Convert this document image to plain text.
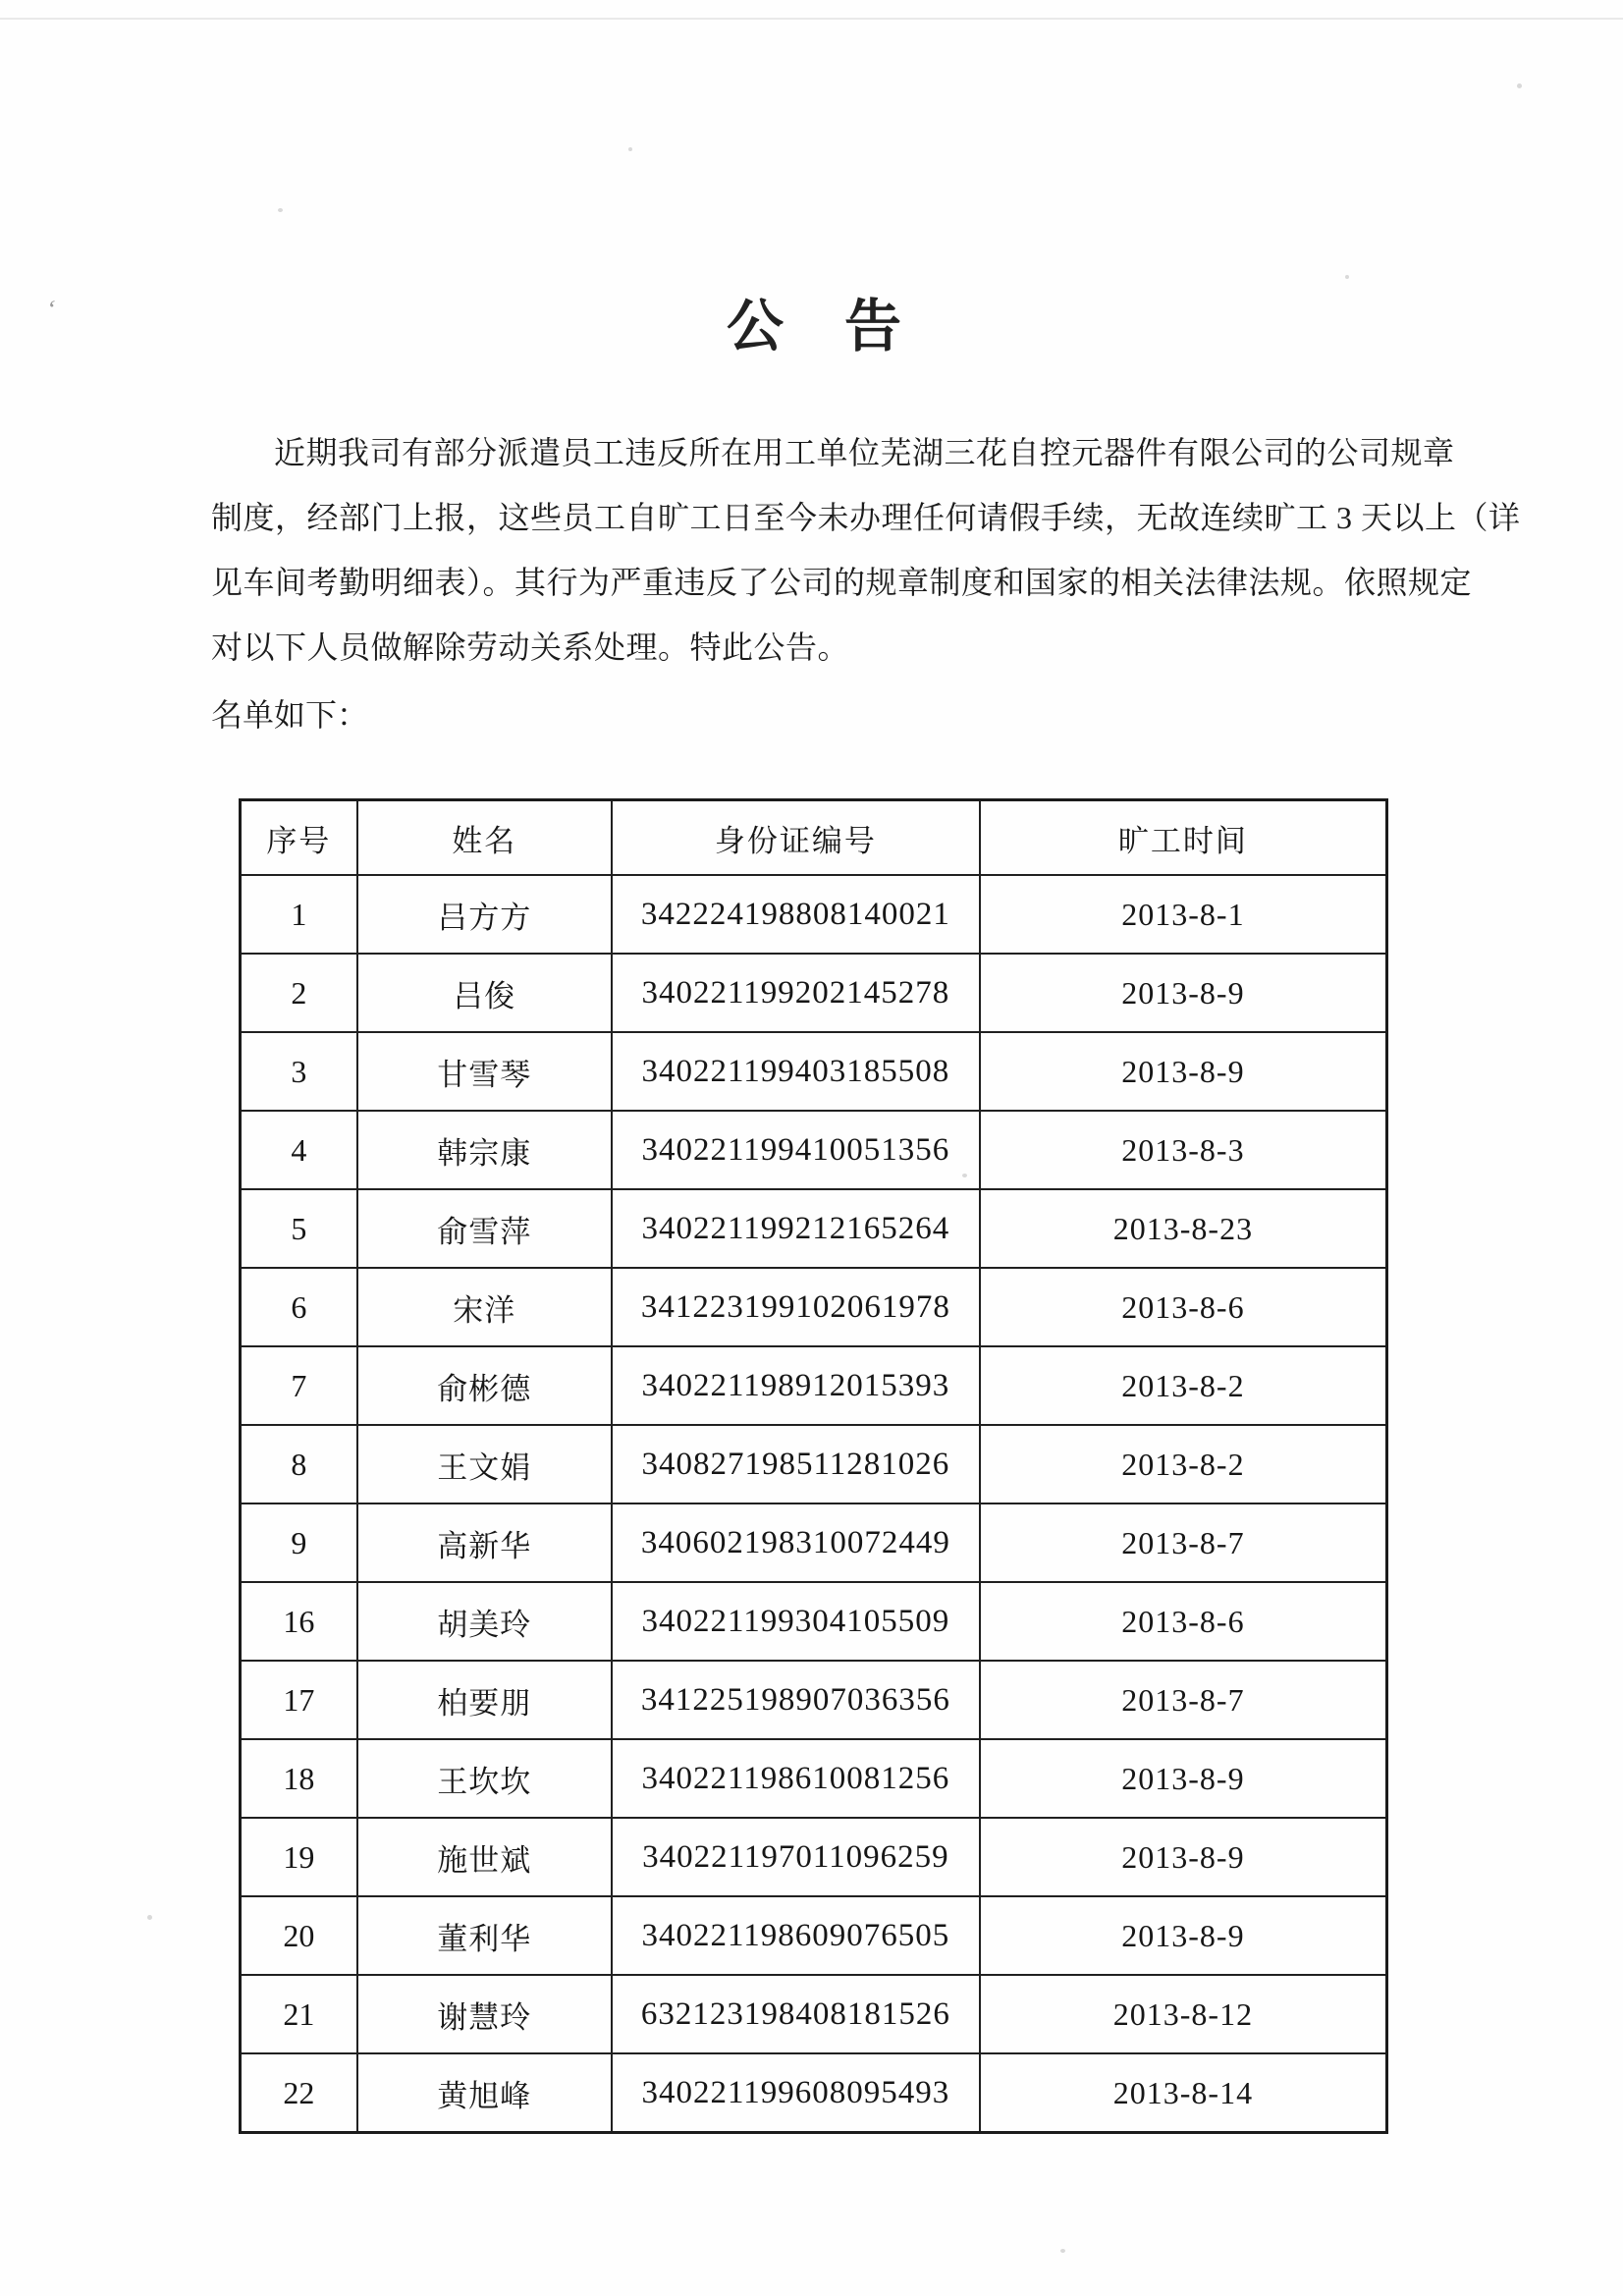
‘	公　告
近期我司有部分派遣员工违反所在用工单位芜湖三花自控元器件有限公司的公司规章
制度，经部门上报，这些员工自旷工日至今未办理任何请假手续，无故连续旷工 3 天以上（详
见车间考勤明细表）。其行为严重违反了公司的规章制度和国家的相关法律法规。依照规定
对以下人员做解除劳动关系处理。特此公告。
名单如下：
序号	姓名	身份证编号	旷工时间
1	吕方方	342224198808140021	2013-8-1
2	吕俊	340221199202145278	2013-8-9
3	甘雪琴	340221199403185508	2013-8-9
4	韩宗康	340221199410051356	2013-8-3
5	俞雪萍	340221199212165264	2013-8-23
6	宋洋	341223199102061978	2013-8-6
7	俞彬德	340221198912015393	2013-8-2
8	王文娟	340827198511281026	2013-8-2
9	高新华	340602198310072449	2013-8-7
16	胡美玲	340221199304105509	2013-8-6
17	柏要朋	341225198907036356	2013-8-7
18	王坎坎	340221198610081256	2013-8-9
19	施世斌	340221197011096259	2013-8-9
20	董利华	340221198609076505	2013-8-9
21	谢慧玲	632123198408181526	2013-8-12
22	黄旭峰	340221199608095493	2013-8-14
